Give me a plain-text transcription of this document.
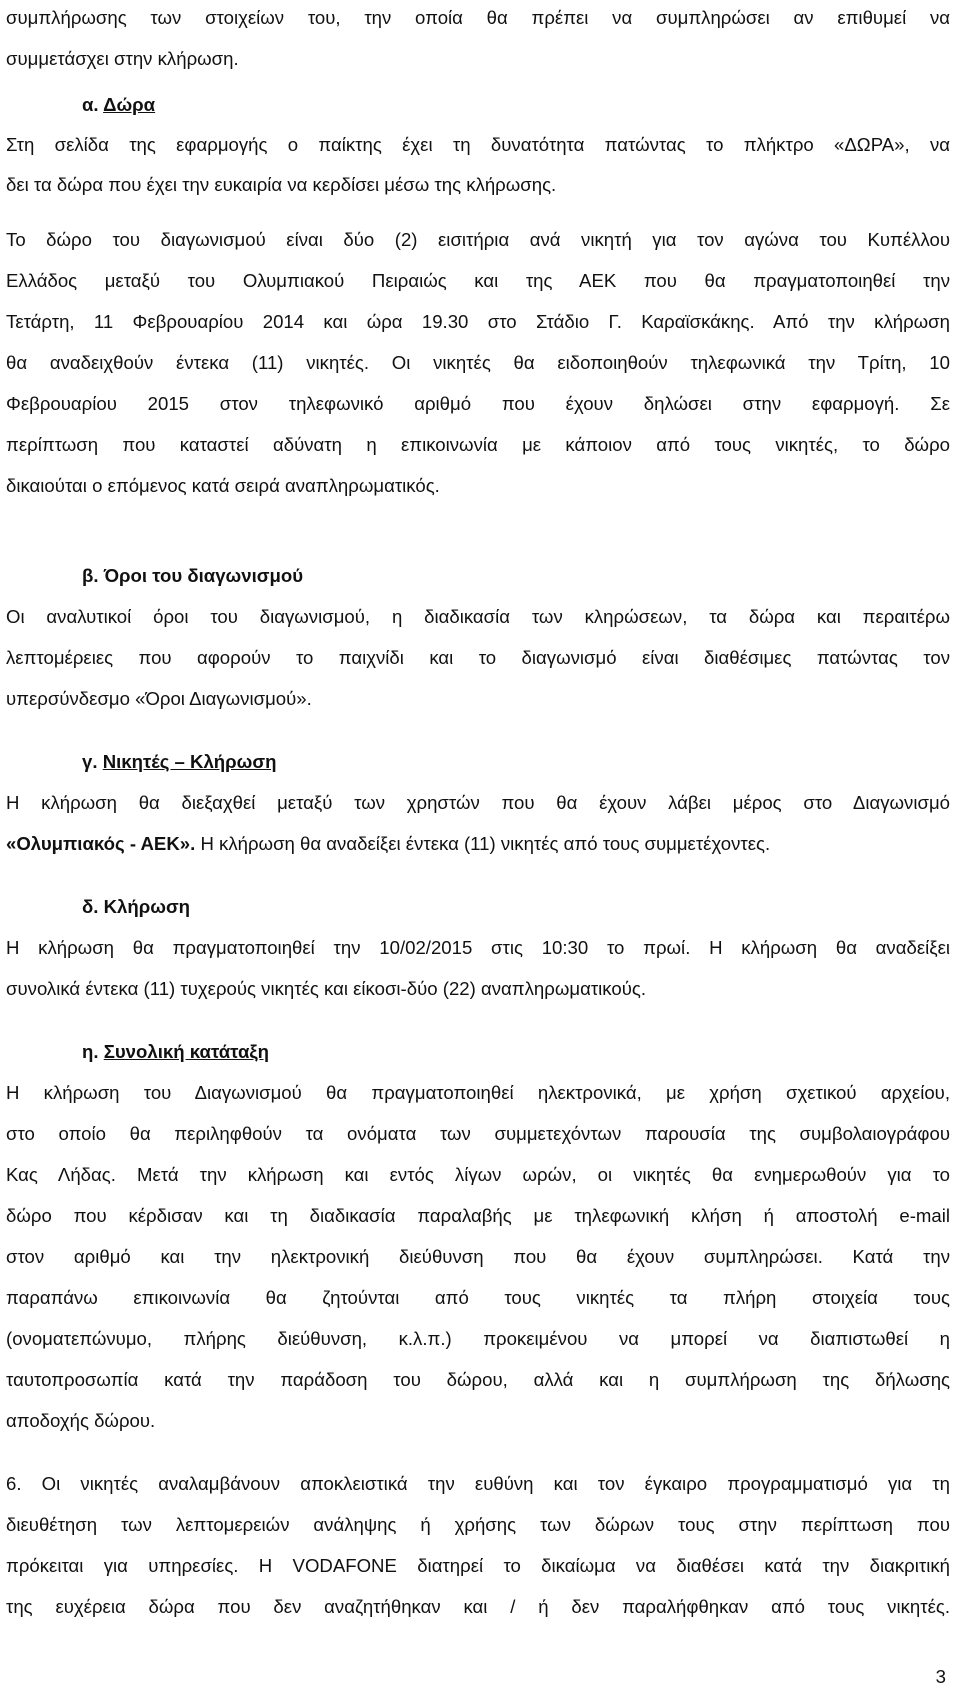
συμπλήρωσης των στοιχείων του, την οποία θα πρέπει να συμπληρώσει αν επιθυμεί να
συμμετάσχει στην κλήρωση.
α. Δώρα
Στη σελίδα της εφαρμογής ο παίκτης έχει τη δυνατότητα πατώντας το πλήκτρο «ΔΩΡΑ», να
δει τα δώρα που έχει την ευκαιρία να κερδίσει μέσω της κλήρωσης.
Το δώρο του διαγωνισμού είναι δύο (2) εισιτήρια ανά νικητή για τον αγώνα του Κυπέλλου
Ελλάδος μεταξύ του Ολυμπιακού Πειραιώς και της ΑΕΚ που θα πραγματοποιηθεί την
Τετάρτη, 11 Φεβρουαρίου 2014 και ώρα 19.30 στο Στάδιο Γ. Καραϊσκάκης. Από την κλήρωση
θα αναδειχθούν έντεκα (11) νικητές. Οι νικητές θα ειδοποιηθούν τηλεφωνικά την Τρίτη, 10
Φεβρουαρίου 2015 στον τηλεφωνικό αριθμό που έχουν δηλώσει στην εφαρμογή. Σε
περίπτωση που καταστεί αδύνατη η επικοινωνία με κάποιον από τους νικητές, το δώρο
δικαιούται ο επόμενος κατά σειρά αναπληρωματικός.
β. Όροι του διαγωνισμού
Οι αναλυτικοί όροι του διαγωνισμού, η διαδικασία των κληρώσεων, τα δώρα και περαιτέρω
λεπτομέρειες που αφορούν το παιχνίδι και το διαγωνισμό είναι διαθέσιμες πατώντας τον
υπερσύνδεσμο «Όροι Διαγωνισμού».
γ. Νικητές – Κλήρωση
Η κλήρωση θα διεξαχθεί μεταξύ των χρηστών που θα έχουν λάβει μέρος στο Διαγωνισμό
«Ολυμπιακός - ΑΕΚ». Η κλήρωση θα αναδείξει έντεκα (11) νικητές από τους συμμετέχοντες.
δ. Κλήρωση
Η κλήρωση θα πραγματοποιηθεί την 10/02/2015 στις 10:30 το πρωί. Η κλήρωση θα αναδείξει
συνολικά έντεκα (11) τυχερούς νικητές και είκοσι-δύο (22) αναπληρωματικούς.
η. Συνολική κατάταξη
Η κλήρωση του Διαγωνισμού θα πραγματοποιηθεί ηλεκτρονικά, με χρήση σχετικού αρχείου,
στο οποίο θα περιληφθούν τα ονόματα των συμμετεχόντων παρουσία της συμβολαιογράφου
Κας Λήδας. Μετά την κλήρωση και εντός λίγων ωρών, οι νικητές θα ενημερωθούν για το
δώρο που κέρδισαν και τη διαδικασία παραλαβής με τηλεφωνική κλήση ή αποστολή e-mail
στον αριθμό και την ηλεκτρονική διεύθυνση που θα έχουν συμπληρώσει. Κατά την
παραπάνω επικοινωνία θα ζητούνται από τους νικητές τα πλήρη στοιχεία τους
(ονοματεπώνυμο, πλήρης διεύθυνση, κ.λ.π.) προκειμένου να μπορεί να διαπιστωθεί η
ταυτοπροσωπία κατά την παράδοση του δώρου, αλλά και η συμπλήρωση της δήλωσης
αποδοχής δώρου.
6. Οι νικητές αναλαμβάνουν αποκλειστικά την ευθύνη και τον έγκαιρο προγραμματισμό για τη
διευθέτηση των λεπτομερειών ανάληψης ή χρήσης των δώρων τους στην περίπτωση που
πρόκειται για υπηρεσίες. Η VODAFONE διατηρεί το δικαίωμα να διαθέσει κατά την διακριτική
της ευχέρεια δώρα που δεν αναζητήθηκαν και / ή δεν παραλήφθηκαν από τους νικητές.
3
